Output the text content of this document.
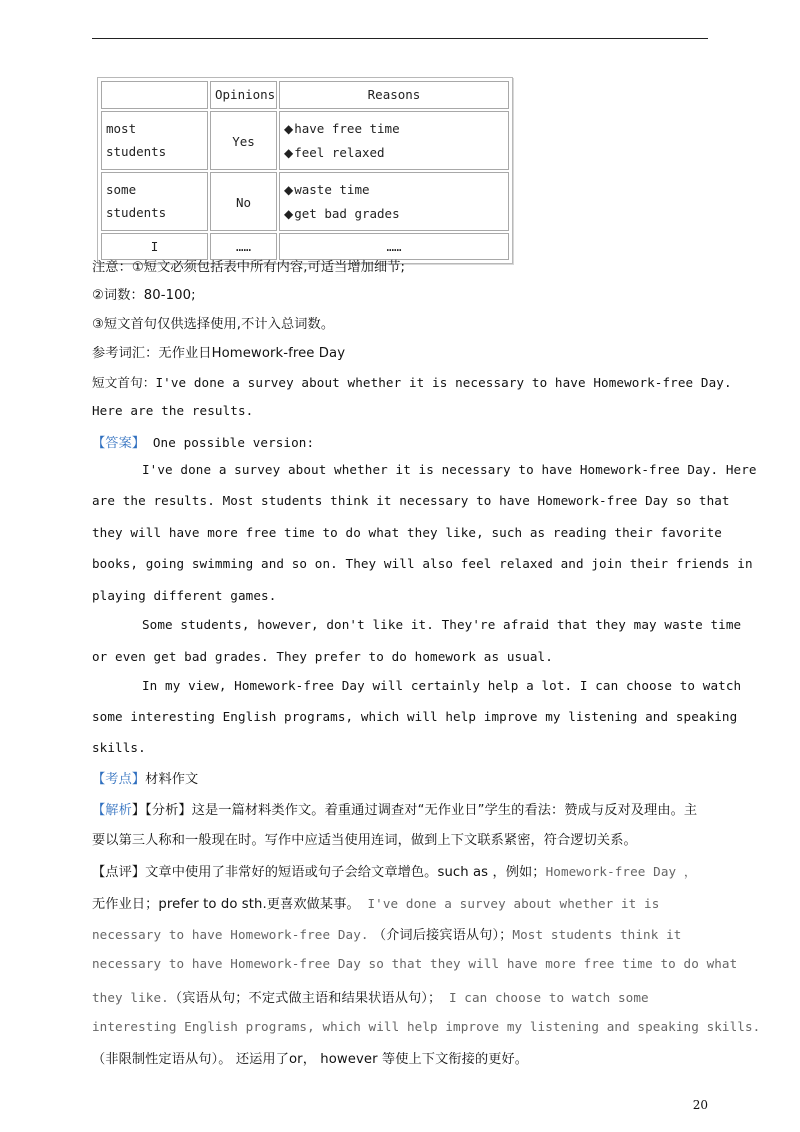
	Opinions	Reasons
most students	Yes	◆have free time
◆feel relaxed

some students	No	◆waste time
◆get bad grades

I	……	……
注意：①短文必须包括表中所有内容,可适当增加细节;
②词数：80-100;
③短文首句仅供选择使用,不计入总词数。
参考词汇：无作业日Homework-free Day
短文首句：I've done a survey about whether it is necessary to have Homework-free Day.
Here are the results.
【答案】 One possible version:
I've done a survey about whether it is necessary to have Homework-free Day. Here
are the results. Most students think it necessary to have Homework-free Day so that
they will have more free time to do what they like, such as reading their favorite
books, going swimming and so on. They will also feel relaxed and join their friends in
playing different games.
Some students, however, don't like it. They're afraid that they may waste time
or even get bad grades. They prefer to do homework as usual.
In my view, Homework-free Day will certainly help a lot. I can choose to watch
some interesting English programs, which will help improve my listening and speaking
skills.
【考点】材料作文
【解析】【分析】这是一篇材料类作文。着重通过调查对“无作业日”学生的看法：赞成与反对及理由。主
要以第三人称和一般现在时。写作中应适当使用连词，做到上下文联系紧密，符合逻切关系。
【点评】文章中使用了非常好的短语或句子会给文章增色。such as ，例如；Homework-free Day ，
无作业日；prefer to do sth.更喜欢做某事。 I've done a survey about whether it is
necessary to have Homework-free Day. （介词后接宾语从句）；Most students think it
necessary to have Homework-free Day so that they will have more free time to do what
they like.（宾语从句；不定式做主语和结果状语从句）； I can choose to watch some
interesting English programs, which will help improve my listening and speaking skills.
（非限制性定语从句）。 还运用了or， however 等使上下文衔接的更好。
20
